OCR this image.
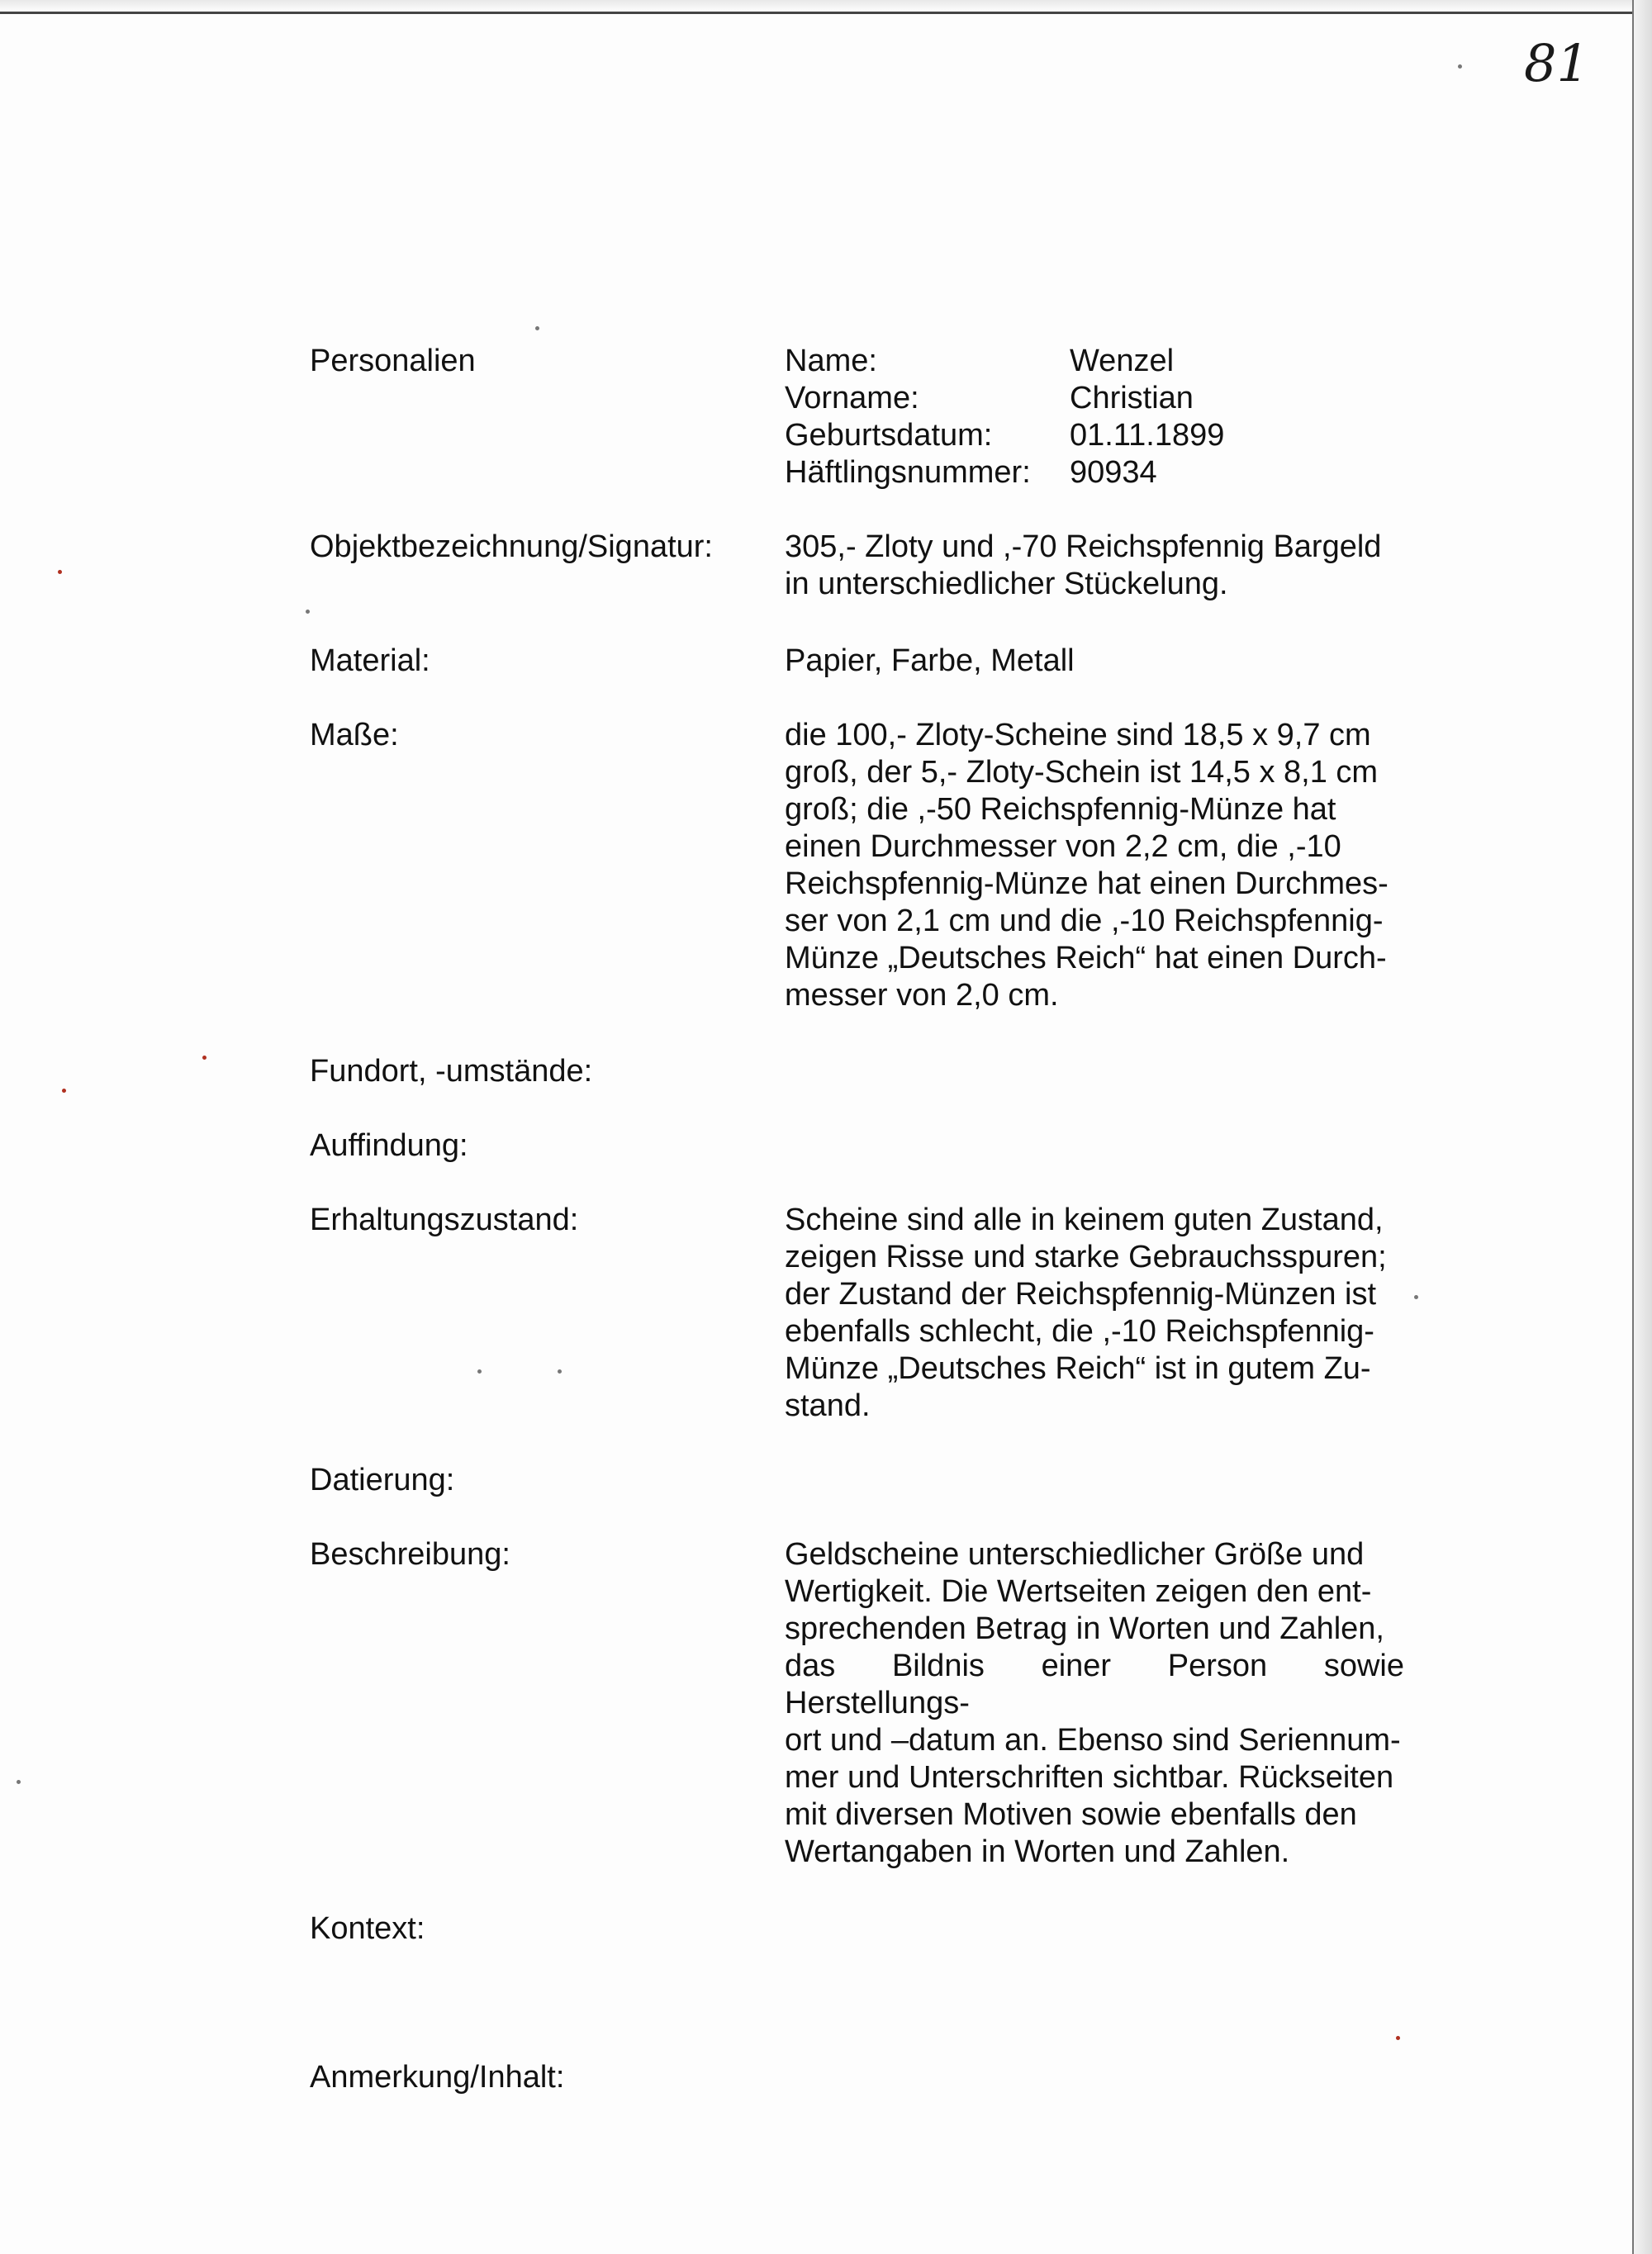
81
Personalien	Name:	Wenzel
Vorname:	Christian
Geburtsdatum:	01.11.1899
Häftlingsnummer:	90934
Objektbezeichnung/Signatur: 305,- Zloty und ,-70 Reichspfennig Bargeld
in unterschiedlicher Stückelung.
Material:	Papier, Farbe, Metall
Maße:	die 100,- Zloty-Scheine sind 18,5 x 9,7 cm
groß, der 5,- Zloty-Schein ist 14,5 x 8,1 cm
groß; die ,-50 Reichspfennig-Münze hat
einen Durchmesser von 2,2 cm, die ,-10
Reichspfennig-Münze hat einen Durchmes-
ser von 2,1 cm und die ,-10 Reichspfennig-
Münze „Deutsches Reich“ hat einen Durch-
messer von 2,0 cm.
Fundort, -umstände:
Auffindung:
Erhaltungszustand:	Scheine sind alle in keinem guten Zustand,
zeigen Risse und starke Gebrauchsspuren;
der Zustand der Reichspfennig-Münzen ist
ebenfalls schlecht, die ,-10 Reichspfennig-
Münze „Deutsches Reich“ ist in gutem Zu-
stand.
Datierung:
Beschreibung:	Geldscheine unterschiedlicher Größe und
Wertigkeit. Die Wertseiten zeigen den ent-
sprechenden Betrag in Worten und Zahlen,
das Bildnis einer Person sowie Herstellungs-
ort und –datum an. Ebenso sind Seriennum-
mer und Unterschriften sichtbar. Rückseiten
mit diversen Motiven sowie ebenfalls den
Wertangaben in Worten und Zahlen.
Kontext:
Anmerkung/Inhalt:
